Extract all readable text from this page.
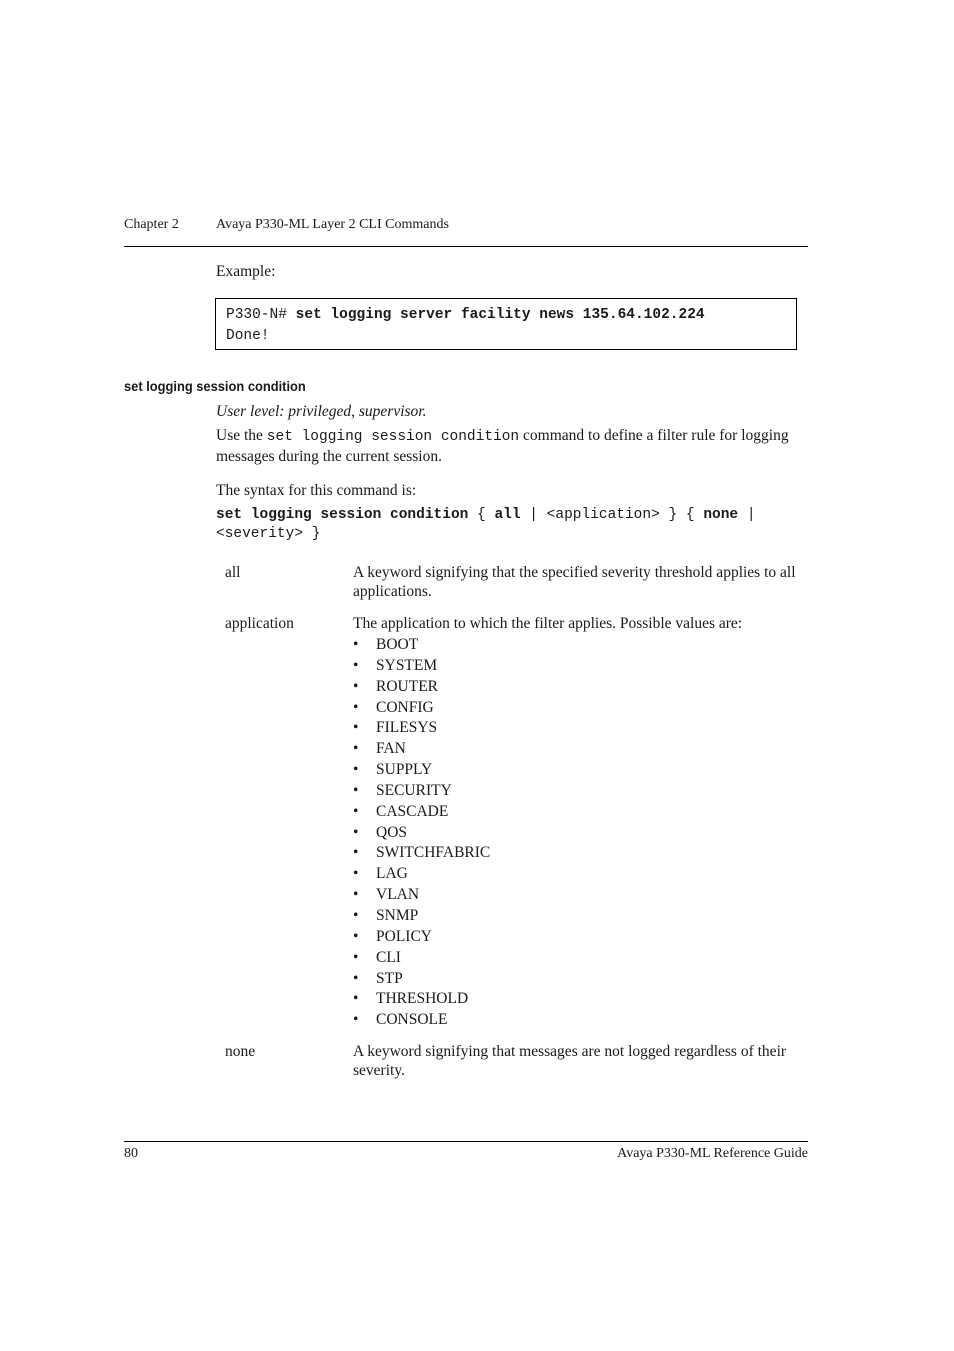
Chapter 2	Avaya P330-ML Layer 2 CLI Commands
Example:
P330-N# set logging server facility news 135.64.102.224
Done!
set logging session condition
User level: privileged, supervisor.
Use the set logging session condition command to define a filter rule for logging messages during the current session.
The syntax for this command is:
set logging session condition { all | <application> } { none | <severity> }
all	A keyword signifying that the specified severity threshold applies to all applications.
application	The application to which the filter applies. Possible values are:
• BOOT
• SYSTEM
• ROUTER
• CONFIG
• FILESYS
• FAN
• SUPPLY
• SECURITY
• CASCADE
• QOS
• SWITCHFABRIC
• LAG
• VLAN
• SNMP
• POLICY
• CLI
• STP
• THRESHOLD
• CONSOLE
none	A keyword signifying that messages are not logged regardless of their severity.
80	Avaya P330-ML Reference Guide
